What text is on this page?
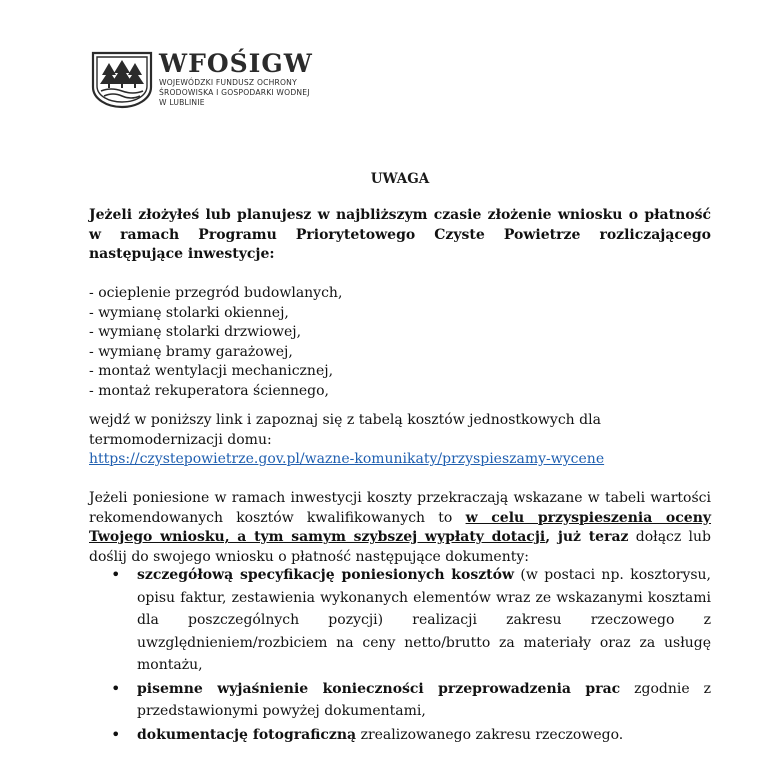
WFOŚIGW

WOJEWÓDZKI FUNDUSZ OCHRONY
ŚRODOWISKA I GOSPODARKI WODNEJ
W LUBLINIE

UWAGA

Jeżeli złożyłeś lub planujesz w najbliższym czasie złożenie wniosku o płatność w ramach Programu Priorytetowego Czyste Powietrze rozliczającego następujące inwestycje:

- ocieplenie przegród budowlanych,
- wymianę stolarki okiennej,
- wymianę stolarki drzwiowej,
- wymianę bramy garażowej,
- montaż wentylacji mechanicznej,
- montaż rekuperatora ściennego,

wejdź w poniższy link i zapoznaj się z tabelą kosztów jednostkowych dla termomodernizacji domu:
https://czystepowietrze.gov.pl/wazne-komunikaty/przyspieszamy-wycene

Jeżeli poniesione w ramach inwestycji koszty przekraczają wskazane w tabeli wartości rekomendowanych kosztów kwalifikowanych to w celu przyspieszenia oceny Twojego wniosku, a tym samym szybszej wypłaty dotacji, już teraz dołącz lub doślij do swojego wniosku o płatność następujące dokumenty:

• szczegółową specyfikację poniesionych kosztów (w postaci np. kosztorysu, opisu faktur, zestawienia wykonanych elementów wraz ze wskazanymi kosztami dla poszczególnych pozycji) realizacji zakresu rzeczowego z uwzględnieniem/rozbiciem na ceny netto/brutto za materiały oraz za usługę montażu,
• pisemne wyjaśnienie konieczności przeprowadzenia prac zgodnie z przedstawionymi powyżej dokumentami,
• dokumentację fotograficzną zrealizowanego zakresu rzeczowego.
